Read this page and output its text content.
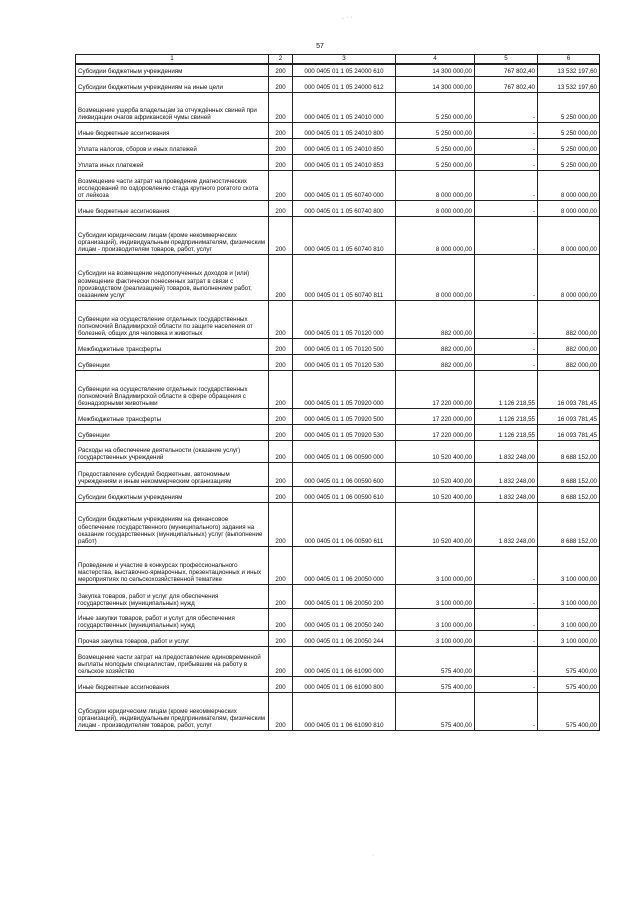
57
. · ·
·
1	2	3	4	5	6
Субсидии бюджетным учреждениям	200	000 0405 01 1 05 24000 610	14 300 000,00	767 802,40	13 532 197,60
Субсидии бюджетным учреждениям на иные цели	200	000 0405 01 1 05 24000 612	14 300 000,00	767 802,40	13 532 197,60
Возмещение ущерба владельцам за отчуждённых свиней при ликвидации очагов африканской чумы свиней	200	000 0405 01 1 05 24010 000	5 250 000,00	-	5 250 000,00
Иные бюджетные ассигнования	200	000 0405 01 1 05 24010 800	5 250 000,00	-	5 250 000,00
Уплата налогов, сборов и иных платежей	200	000 0405 01 1 05 24010 850	5 250 000,00	-	5 250 000,00
Уплата иных платежей	200	000 0405 01 1 05 24010 853	5 250 000,00	-	5 250 000,00
Возмещение части затрат на проведение диагностических исследований по оздоровлению стада крупного рогатого скота от лейкоза	200	000 0405 01 1 05 60740 000	8 000 000,00	-	8 000 000,00
Иные бюджетные ассигнования	200	000 0405 01 1 05 60740 800	8 000 000,00	-	8 000 000,00
Субсидии юридическим лицам (кроме некоммерческих организаций), индивидуальным предпринимателям, физическим лицам - производителям товаров, работ, услуг	200	000 0405 01 1 05 60740 810	8 000 000,00	-	8 000 000,00
Субсидии на возмещение недополученных доходов и (или) возмещение фактически понесенных затрат в связи с производством (реализацией) товаров, выполнением работ, оказанием услуг	200	000 0405 01 1 05 60740 811	8 000 000,00	-	8 000 000,00
Субвенции на осуществление отдельных государственных полномочий Владимирской области по защите населения от болезней, общих для человека и животных	200	000 0405 01 1 05 70120 000	882 000,00	-	882 000,00
Межбюджетные трансферты	200	000 0405 01 1 05 70120 500	882 000,00	-	882 000,00
Субвенции	200	000 0405 01 1 05 70120 530	882 000,00	-	882 000,00
Субвенции на осуществление отдельных государственных полномочий Владимирской области в сфере обращения с безнадзорными животными	200	000 0405 01 1 05 70920 000	17 220 000,00	1 126 218,55	16 093 781,45
Межбюджетные трансферты	200	000 0405 01 1 05 70920 500	17 220 000,00	1 126 218,55	16 093 781,45
Субвенции	200	000 0405 01 1 05 70920 530	17 220 000,00	1 126 218,55	16 093 781,45
Расходы на обеспечение деятельности (оказание услуг) государственных учреждений	200	000 0405 01 1 06 00590 000	10 520 400,00	1 832 248,00	8 688 152,00
Предоставление субсидий бюджетным, автономным учреждениям и иным некоммерческим организациям	200	000 0405 01 1 06 00590 600	10 520 400,00	1 832 248,00	8 688 152,00
Субсидии бюджетным учреждениям	200	000 0405 01 1 06 00590 610	10 520 400,00	1 832 248,00	8 688 152,00
Субсидии бюджетным учреждениям на финансовое обеспечение государственного (муниципального) задания на оказание государственных (муниципальных) услуг (выполнение работ)	200	000 0405 01 1 06 00590 611	10 520 400,00	1 832 248,00	8 688 152,00
Проведение и участие в конкурсах профессионального мастерства, выставочно-ярмарочных, презентационных и иных мероприятиях по сельскохозяйственной тематике	200	000 0405 01 1 06 20050 000	3 100 000,00	-	3 100 000,00
Закупка товаров, работ и услуг для обеспечения государственных (муниципальных) нужд	200	000 0405 01 1 06 20050 200	3 100 000,00	-	3 100 000,00
Иные закупки товаров, работ и услуг для обеспечения государственных (муниципальных) нужд	200	000 0405 01 1 06 20050 240	3 100 000,00	-	3 100 000,00
Прочая закупка товаров, работ и услуг	200	000 0405 01 1 06 20050 244	3 100 000,00	-	3 100 000,00
Возмещение части затрат на предоставление единовременной выплаты молодым специалистам, прибывшим на работу в сельское хозяйство	200	000 0405 01 1 06 61090 000	575 400,00	-	575 400,00
Иные бюджетные ассигнования	200	000 0405 01 1 06 61090 800	575 400,00	-	575 400,00
Субсидии юридическим лицам (кроме некоммерческих организаций), индивидуальным предпринимателям, физическим лицам - производителям товаров, работ, услуг	200	000 0405 01 1 06 61090 810	575 400,00	-	575 400,00
